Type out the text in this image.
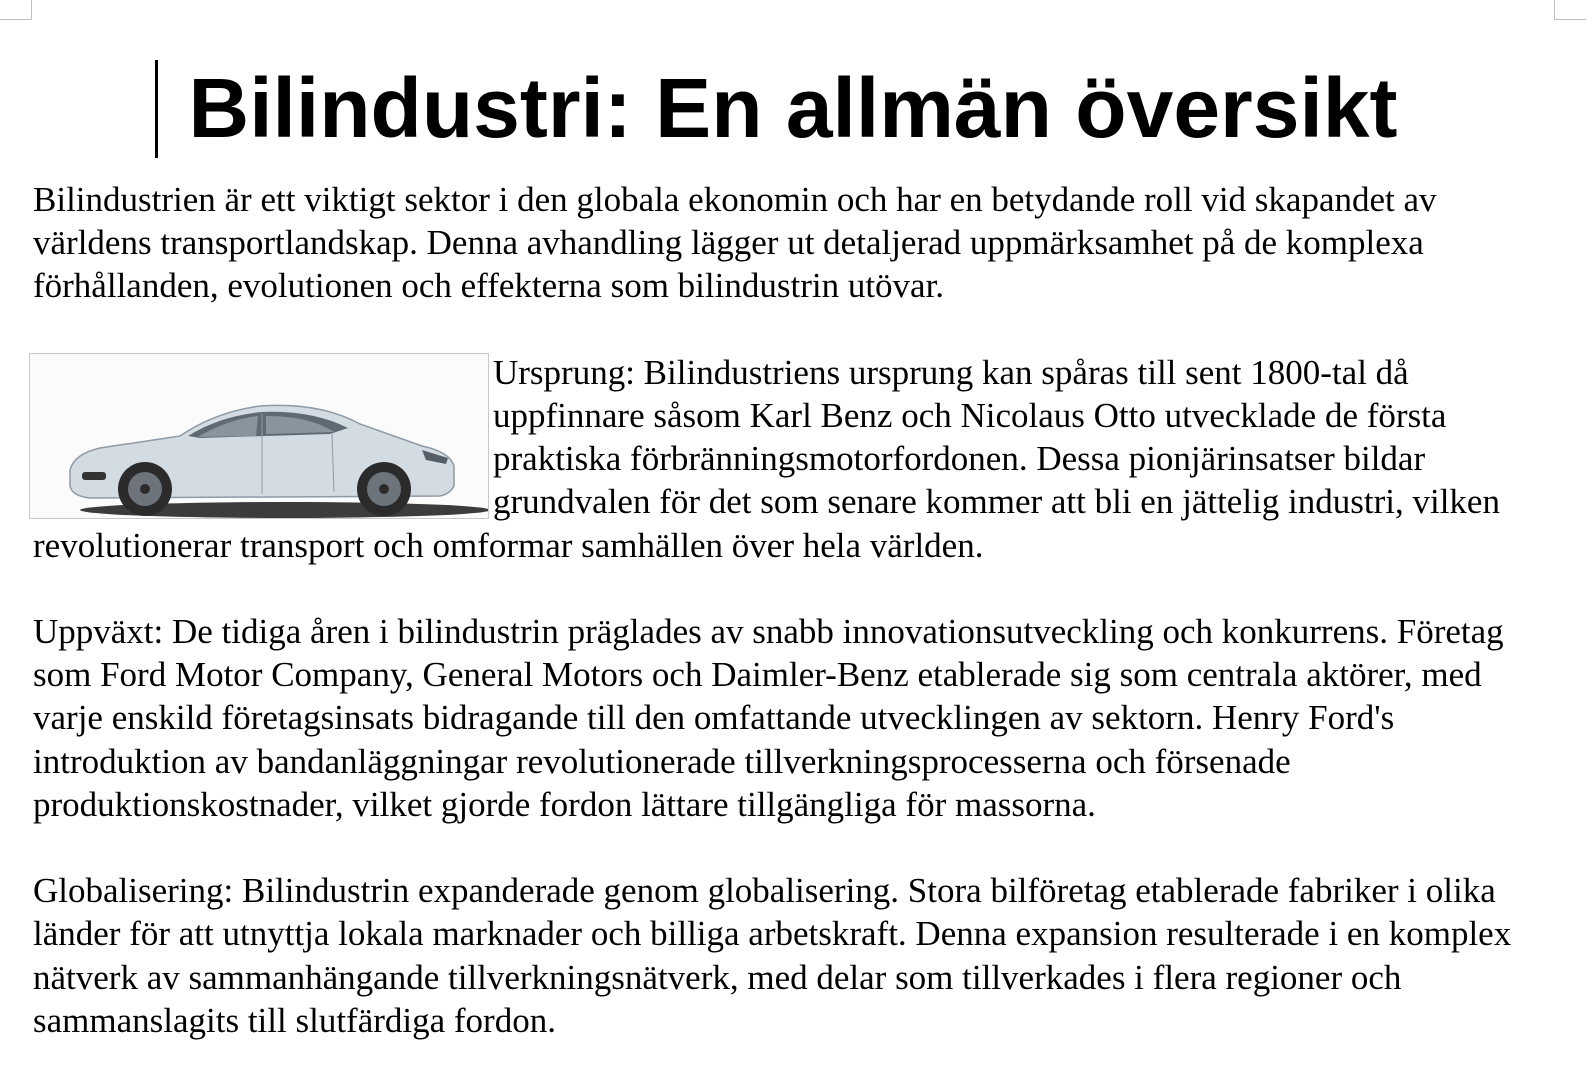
Bilindustri: En allmän översikt

Bilindustrien är ett viktigt sektor i den globala ekonomin och har en betydande roll vid skapandet av världens transportlandskap. Denna avhandling lägger ut detaljerad uppmärksamhet på de komplexa förhållanden, evolutionen och effekterna som bilindustrin utövar.

Ursprung: Bilindustriens ursprung kan spåras till sent 1800-tal då uppfinnare såsom Karl Benz och Nicolaus Otto utvecklade de första praktiska förbränningsmotorfordonen. Dessa pionjärinsatser bildar grundvalen för det som senare kommer att bli en jättelig industri, vilken revolutionerar transport och omformar samhällen över hela världen.

Uppväxt: De tidiga åren i bilindustrin präglades av snabb innovationsutveckling och konkurrens. Företag som Ford Motor Company, General Motors och Daimler-Benz etablerade sig som centrala aktörer, med varje enskild företagsinsats bidragande till den omfattande utvecklingen av sektorn. Henry Ford's introduktion av bandanläggningar revolutionerade tillverkningsprocesserna och försenade produktionskostnader, vilket gjorde fordon lättare tillgängliga för massorna.

Globalisering: Bilindustrin expanderade genom globalisering. Stora bilföretag etablerade fabriker i olika länder för att utnyttja lokala marknader och billiga arbetskraft. Denna expansion resulterade i en komplex nätverk av sammanhängande tillverkningsnätverk, med delar som tillverkades i flera regioner och sammanslagits till slutfärdiga fordon.
